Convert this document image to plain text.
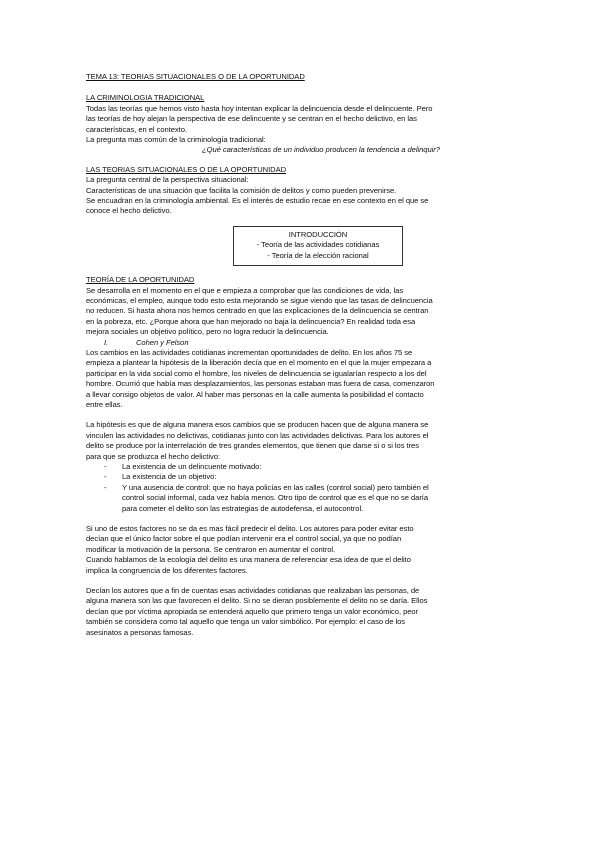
TEMA 13: TEORIAS SITUACIONALES O DE LA OPORTUNIDAD

LA CRIMINOLOGIA TRADICIONAL

Todas las teorías que hemos visto hasta hoy intentan explicar la delincuencia desde el delincuente. Pero

las teorías de hoy alejan la perspectiva de ese delincuente y se centran en el hecho delictivo, en las

características, en el contexto.

La pregunta mas común de la criminología tradicional:

¿Qué características de un individuo producen la tendencia a delinquir?

LAS TEORIAS SITUACIONALES O DE LA OPORTUNIDAD

La pregunta central de la perspectiva situacional:

Características de una situación que facilita la comisión de delitos y como pueden prevenirse.

Se encuadran en la criminología ambiental. Es el interés de estudio recae en ese contexto en el que se

conoce el hecho delictivo.

INTRODUCCIÓN
- Teoría de las actividades cotidianas
- Teoría de la elección racional

TEORÍA DE LA OPORTUNIDAD

Se desarrolla en el momento en el que e empieza a comprobar que las condiciones de vida, las

económicas, el empleo, aunque todo esto esta mejorando se sigue viendo que las tasas de delincuencia

no reducen. Si hasta ahora nos hemos centrado en que las explicaciones de la delincuencia se centran

en la pobreza, etc. ¿Porque ahora que han mejorado no baja la delincuencia? En realidad toda esa

mejora sociales un objetivo político, pero no logra reducir la delincuencia.

I.	Cohen y Felson

Los cambios en las actividades cotidianas incrementan oportunidades de delito. En los años 75 se

empieza a plantear la hipótesis de la liberación decía que en el momento en el que la mujer empezara a

participar en la vida social como el hombre, los niveles de delincuencia se igualarían respecto a los del

hombre. Ocurrió que había mas desplazamientos, las personas estaban mas fuera de casa, comenzaron

a llevar consigo objetos de valor. Al haber mas personas en la calle aumenta la posibilidad el contacto

entre ellas.

La hipótesis es que de alguna manera esos cambios que se producen hacen que de alguna manera se

vinculen las actividades no delictivas, cotidianas junto con las actividades delictivas. Para los autores el

delito se produce por la interrelación de tres grandes elementos, que tienen que darse si o si los tres

para que se produzca el hecho delictivo:

- La existencia de un delincuente motivado:
- La existencia de un objetivo:
- Y una ausencia de control: que no haya policías en las calles (control social) pero también el

control social informal, cada vez había menos. Otro tipo de control que es el que no se daría

para cometer el delito son las estrategias de autodefensa, el autocontrol.

Si uno de estos factores no se da es mas fácil predecir el delito. Los autores para poder evitar esto

decían que el único factor sobre el que podían intervenir era el control social, ya que no podían

modificar la motivación de la persona. Se centraron en aumentar el control.

Cuando hablamos de la ecología del delito es una manera de referenciar esa idea de que el delito

implica la congruencia de los diferentes factores.

Decían los autores que a fin de cuentas esas actividades cotidianas que realizaban las personas, de

alguna manera son las que favorecen el delito. Si no se dieran posiblemente el delito no se daría. Ellos

decían que por víctima apropiada se entenderá aquello que primero tenga un valor económico, peor

también se considera como tal aquello que tenga un valor simbólico. Por ejemplo: el caso de los

asesinatos a personas famosas.
